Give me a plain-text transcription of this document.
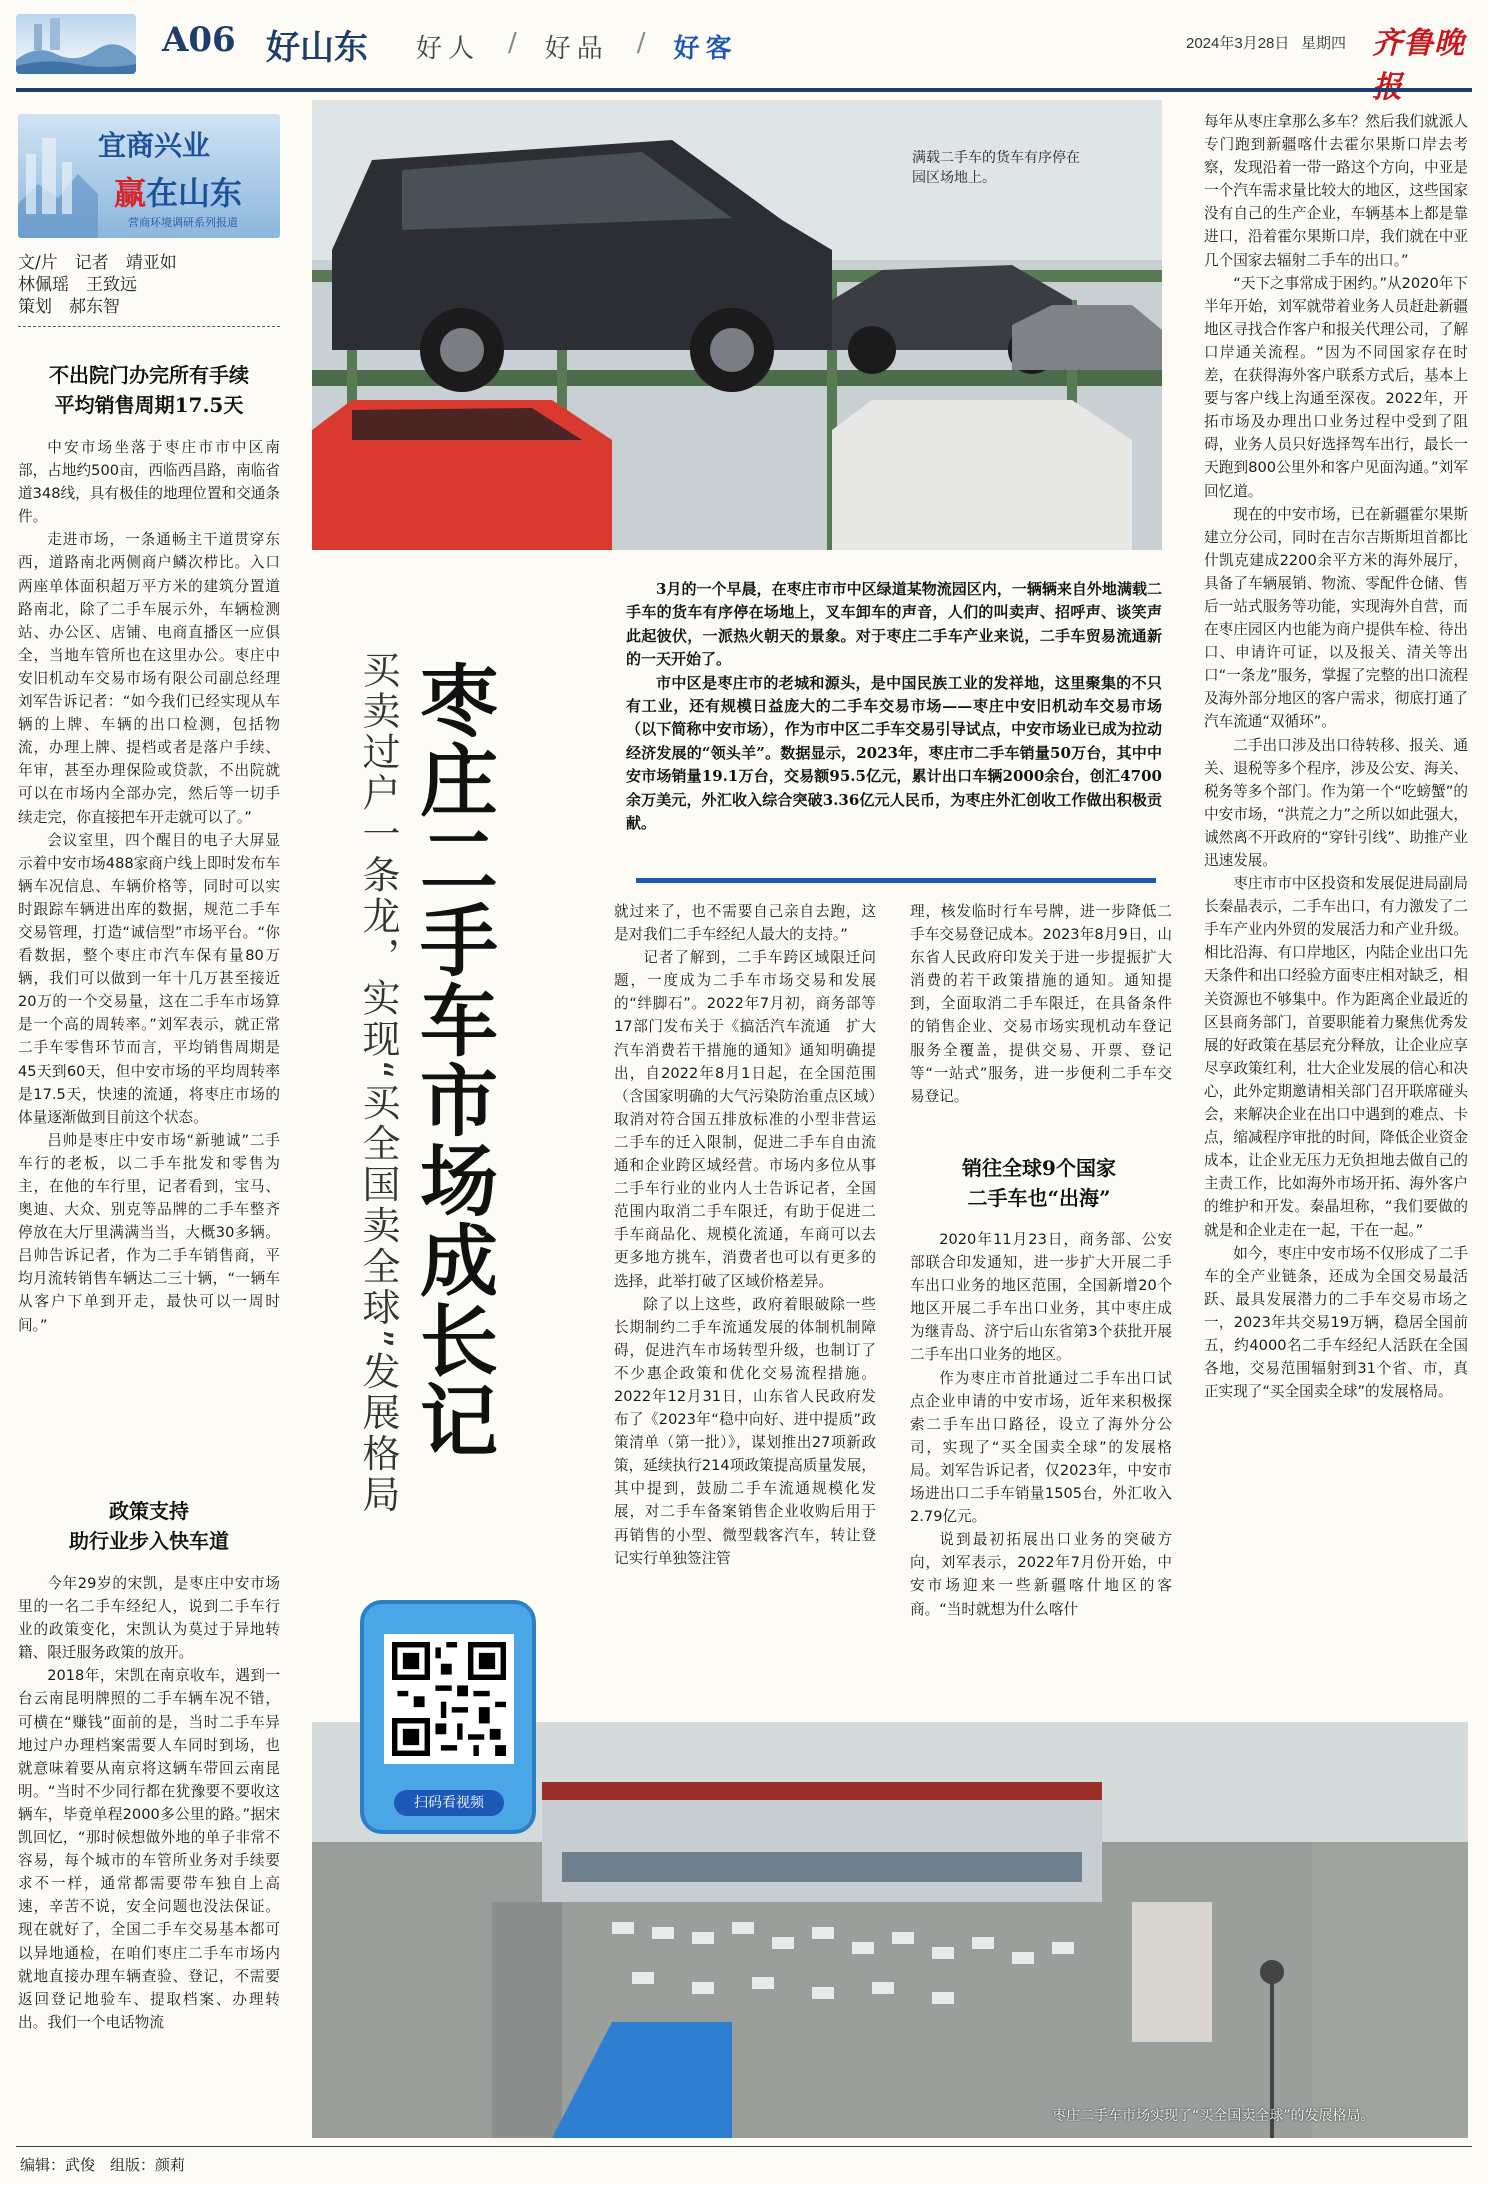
A06 好山东 好人 / 好品 / 好客	2024年3月28日 星期四 齐鲁晚
宜商兴业
赢在山东
营商环境调研系列报道
文/片　记者　靖亚如
林佩瑶　王致远
策划　郝东智
不出院门办完所有手续
平均销售周期17.5天

中安市场坐落于枣庄市市中区南部，占地约500亩，西临西昌路，南临省道348线，具有极佳的地理位置和交通条件。

走进市场，一条通畅主干道贯穿东西，道路南北两侧商户鳞次栉比。入口两座单体面积超万平方米的建筑分置道路南北，除了二手车展示外，车辆检测站、办公区、店铺、电商直播区一应俱全，当地车管所也在这里办公。枣庄中安旧机动车交易市场有限公司副总经理刘军告诉记者：“如今我们已经实现从车辆的上牌、车辆的出口检测，包括物流，办理上牌、提档或者是落户手续、年审，甚至办理保险或贷款，不出院就可以在市场内全部办完，然后等一切手续走完，你直接把车开走就可以了。”

会议室里，四个醒目的电子大屏显示着中安市场488家商户线上即时发布车辆车况信息、车辆价格等，同时可以实时跟踪车辆进出库的数据，规范二手车交易管理，打造“诚信型”市场平台。“你看数据，整个枣庄市汽车保有量80万辆，我们可以做到一年十几万甚至接近20万的一个交易量，这在二手车市场算是一个高的周转率。”刘军表示，就正常二手车零售环节而言，平均销售周期是45天到60天，但中安市场的平均周转率是17.5天，快速的流通，将枣庄市场的体量逐渐做到目前这个状态。

吕帅是枣庄中安市场“新驰诚”二手车行的老板，以二手车批发和零售为主，在他的车行里，记者看到，宝马、奥迪、大众、别克等品牌的二手车整齐停放在大厅里满满当当，大概30多辆。吕帅告诉记者，作为二手车销售商，平均月流转销售车辆达二三十辆，“一辆车从客户下单到开走，最快可以一周时间。”

政策支持
助行业步入快车道

今年29岁的宋凯，是枣庄中安市场里的一名二手车经纪人，说到二手车行业的政策变化，宋凯认为莫过于异地转籍、限迁服务政策的放开。

2018年，宋凯在南京收车，遇到一台云南昆明牌照的二手车辆车况不错，可横在“赚钱”面前的是，当时二手车异地过户办理档案需要人车同时到场，也就意味着要从南京将这辆车带回云南昆明。“当时不少同行都在犹豫要不要收这辆车，毕竟单程2000多公里的路。”据宋凯回忆，“那时候想做外地的单子非常不容易，每个城市的车管所业务对手续要求不一样，通常都需要带车独自上高速，辛苦不说，安全问题也没法保证。现在就好了，全国二手车交易基本都可以异地通检，在咱们枣庄二手车市场内就地直接办理车辆查验、登记，不需要返回登记地验车、提取档案、办理转出。我们一个电话物流

满载二手车的货车有序停在园区场地上。
枣庄二手车市场成长记
买卖过户一条龙，实现“买全国卖全球”发展格局

3月的一个早晨，在枣庄市市中区绿道某物流园区内，一辆辆来自外地满载二手车的货车有序停在场地上，叉车卸车的声音，人们的叫卖声、招呼声、谈笑声此起彼伏，一派热火朝天的景象。对于枣庄二手车产业来说，二手车贸易流通新的一天开始了。

市中区是枣庄市的老城和源头，是中国民族工业的发祥地，这里聚集的不只有工业，还有规模日益庞大的二手车交易市场——枣庄中安旧机动车交易市场（以下简称中安市场），作为市中区二手车交易引导试点，中安市场业已成为拉动经济发展的“领头羊”。数据显示，2023年，枣庄市二手车销量50万台，其中中安市场销量19.1万台，交易额95.5亿元，累计出口车辆2000余台，创汇4700余万美元，外汇收入综合突破3.36亿元人民币，为枣庄外汇创收工作做出积极贡献。

就过来了，也不需要自己亲自去跑，这是对我们二手车经纪人最大的支持。”

记者了解到，二手车跨区域限迁问题，一度成为二手车市场交易和发展的“绊脚石”。2022年7月初，商务部等17部门发布关于《搞活汽车流通　扩大汽车消费若干措施的通知》通知明确提出，自2022年8月1日起，在全国范围（含国家明确的大气污染防治重点区域）取消对符合国五排放标准的小型非营运二手车的迁入限制，促进二手车自由流通和企业跨区域经营。市场内多位从事二手车行业的业内人士告诉记者，全国范围内取消二手车限迁，有助于促进二手车商品化、规模化流通，车商可以去更多地方挑车，消费者也可以有更多的选择，此举打破了区域价格差异。

除了以上这些，政府着眼破除一些长期制约二手车流通发展的体制机制障碍，促进汽车市场转型升级，也制订了不少惠企政策和优化交易流程措施。2022年12月31日，山东省人民政府发布了《2023年“稳中向好、进中提质”政策清单（第一批）》，谋划推出27项新政策，延续执行214项政策提高质量发展，其中提到，鼓励二手车流通规模化发展，对二手车备案销售企业收购后用于再销售的小型、微型载客汽车，转让登记实行单独签注管

理，核发临时行车号牌，进一步降低二手车交易登记成本。2023年8月9日，山东省人民政府印发关于进一步提振扩大消费的若干政策措施的通知。通知提到，全面取消二手车限迁，在具备条件的销售企业、交易市场实现机动车登记服务全覆盖，提供交易、开票、登记等“一站式”服务，进一步便利二手车交易登记。

销往全球9个国家
二手车也“出海”

2020年11月23日，商务部、公安部联合印发通知，进一步扩大开展二手车出口业务的地区范围，全国新增20个地区开展二手车出口业务，其中枣庄成为继青岛、济宁后山东省第3个获批开展二手车出口业务的地区。

作为枣庄市首批通过二手车出口试点企业申请的中安市场，近年来积极探索二手车出口路径，设立了海外分公司，实现了“买全国卖全球”的发展格局。刘军告诉记者，仅2023年，中安市场进出口二手车销量1505台，外汇收入2.79亿元。

说到最初拓展出口业务的突破方向，刘军表示，2022年7月份开始，中安市场迎来一些新疆喀什地区的客商。“当时就想为什么喀什

每年从枣庄拿那么多车？然后我们就派人专门跑到新疆喀什去霍尔果斯口岸去考察，发现沿着一带一路这个方向，中亚是一个汽车需求量比较大的地区，这些国家没有自己的生产企业，车辆基本上都是靠进口，沿着霍尔果斯口岸，我们就在中亚几个国家去辐射二手车的出口。”

“天下之事常成于困约。”从2020年下半年开始，刘军就带着业务人员赶赴新疆地区寻找合作客户和报关代理公司，了解口岸通关流程。“因为不同国家存在时差，在获得海外客户联系方式后，基本上要与客户线上沟通至深夜。2022年，开拓市场及办理出口业务过程中受到了阻碍，业务人员只好选择驾车出行，最长一天跑到800公里外和客户见面沟通。”刘军回忆道。

现在的中安市场，已在新疆霍尔果斯建立分公司，同时在吉尔吉斯斯坦首都比什凯克建成2200余平方米的海外展厅，具备了车辆展销、物流、零配件仓储、售后一站式服务等功能，实现海外自营，而在枣庄园区内也能为商户提供车检、待出口、申请许可证，以及报关、清关等出口“一条龙”服务，掌握了完整的出口流程及海外部分地区的客户需求，彻底打通了汽车流通“双循环”。

二手出口涉及出口待转移、报关、通关、退税等多个程序，涉及公安、海关、税务等多个部门。作为第一个“吃螃蟹”的中安市场，“洪荒之力”之所以如此强大，诚然离不开政府的“穿针引线”、助推产业迅速发展。

枣庄市市中区投资和发展促进局副局长秦晶表示，二手车出口，有力激发了二手车产业内外贸的发展活力和产业升级。相比沿海、有口岸地区，内陆企业出口先天条件和出口经验方面枣庄相对缺乏，相关资源也不够集中。作为距离企业最近的区县商务部门，首要职能着力聚焦优秀发展的好政策在基层充分释放，让企业应享尽享政策红利，壮大企业发展的信心和决心，此外定期邀请相关部门召开联席碰头会，来解决企业在出口中遇到的难点、卡点，缩减程序审批的时间，降低企业资金成本，让企业无压力无负担地去做自己的主责工作，比如海外市场开拓、海外客户的维护和开发。秦晶坦称，“我们要做的就是和企业走在一起，干在一起。”

如今，枣庄中安市场不仅形成了二手车的全产业链条，还成为全国交易最活跃、最具发展潜力的二手车交易市场之一，2023年共交易19万辆，稳居全国前五，约4000名二手车经纪人活跃在全国各地，交易范围辐射到31个省、市，真正实现了“买全国卖全球”的发展格局。

枣庄二手车市场实现了“买全国卖全球”的发展格局。
扫码看视频
编辑：武俊　组版：颜莉
